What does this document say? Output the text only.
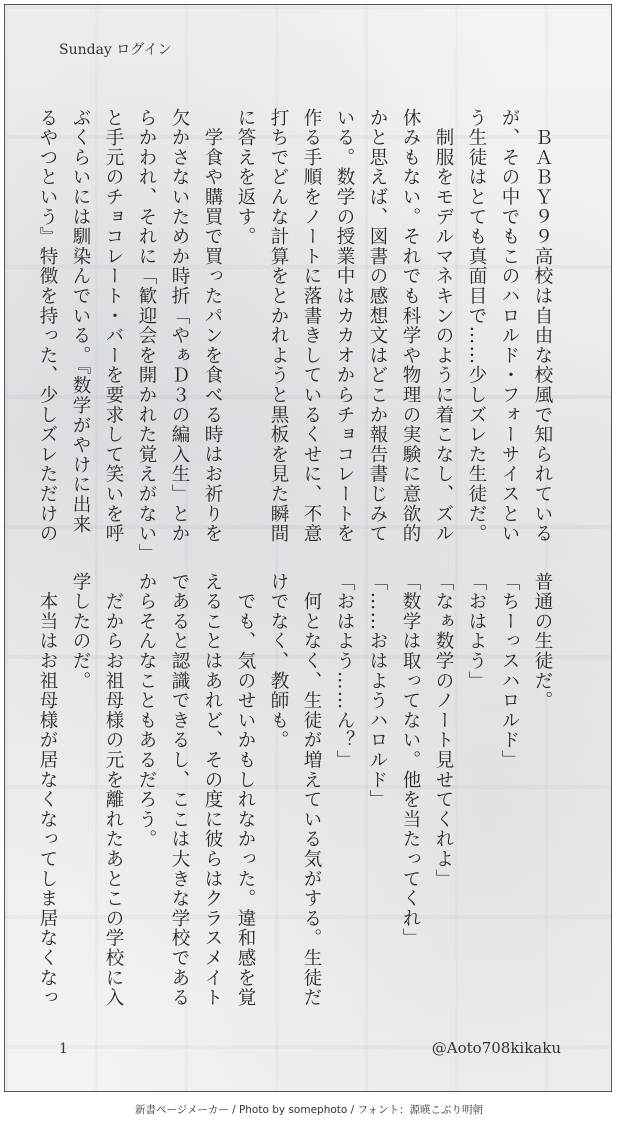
Sunday ログイン
　ＢＡＢＹ９９高校は自由な校風で知られている
が、その中でもこのハロルド・フォーサイスとい
う生徒はとても真面目で……少しズレた生徒だ。
　制服をモデルマネキンのように着こなし、ズル
休みもない。それでも科学や物理の実験に意欲的
かと思えば、図書の感想文はどこか報告書じみて
いる。数学の授業中はカカオからチョコレートを
作る手順をノートに落書きしているくせに、不意
打ちでどんな計算をとかれようと黒板を見た瞬間
に答えを返す。
　学食や購買で買ったパンを食べる時はお祈りを
欠かさないためか時折「やぁＤ３の編入生」とか
らかわれ、それに「歓迎会を開かれた覚えがない」
と手元のチョコレート・バーを要求して笑いを呼
ぶくらいには馴染んでいる。『数学がやけに出来
るやつという』特徴を持った、少しズレただけの
普通の生徒だ。
「ちーっスハロルド」
「おはよう」
「なぁ数学のノート見せてくれよ」
「数学は取ってない。他を当たってくれ」
「……おはようハロルド」
「おはよう……ん？」
　何となく、生徒が増えている気がする。生徒だ
けでなく、教師も。
　でも、気のせいかもしれなかった。違和感を覚
えることはあれど、その度に彼らはクラスメイト
であると認識できるし、ここは大きな学校である
からそんなこともあるだろう。
　だからお祖母様の元を離れたあとこの学校に入
学したのだ。
　本当はお祖母様が居なくなってしま居なくなっ
1	@Aoto708kikaku
新書ページメーカー / Photo by somephoto / フォント：源暎こぶり明朝
